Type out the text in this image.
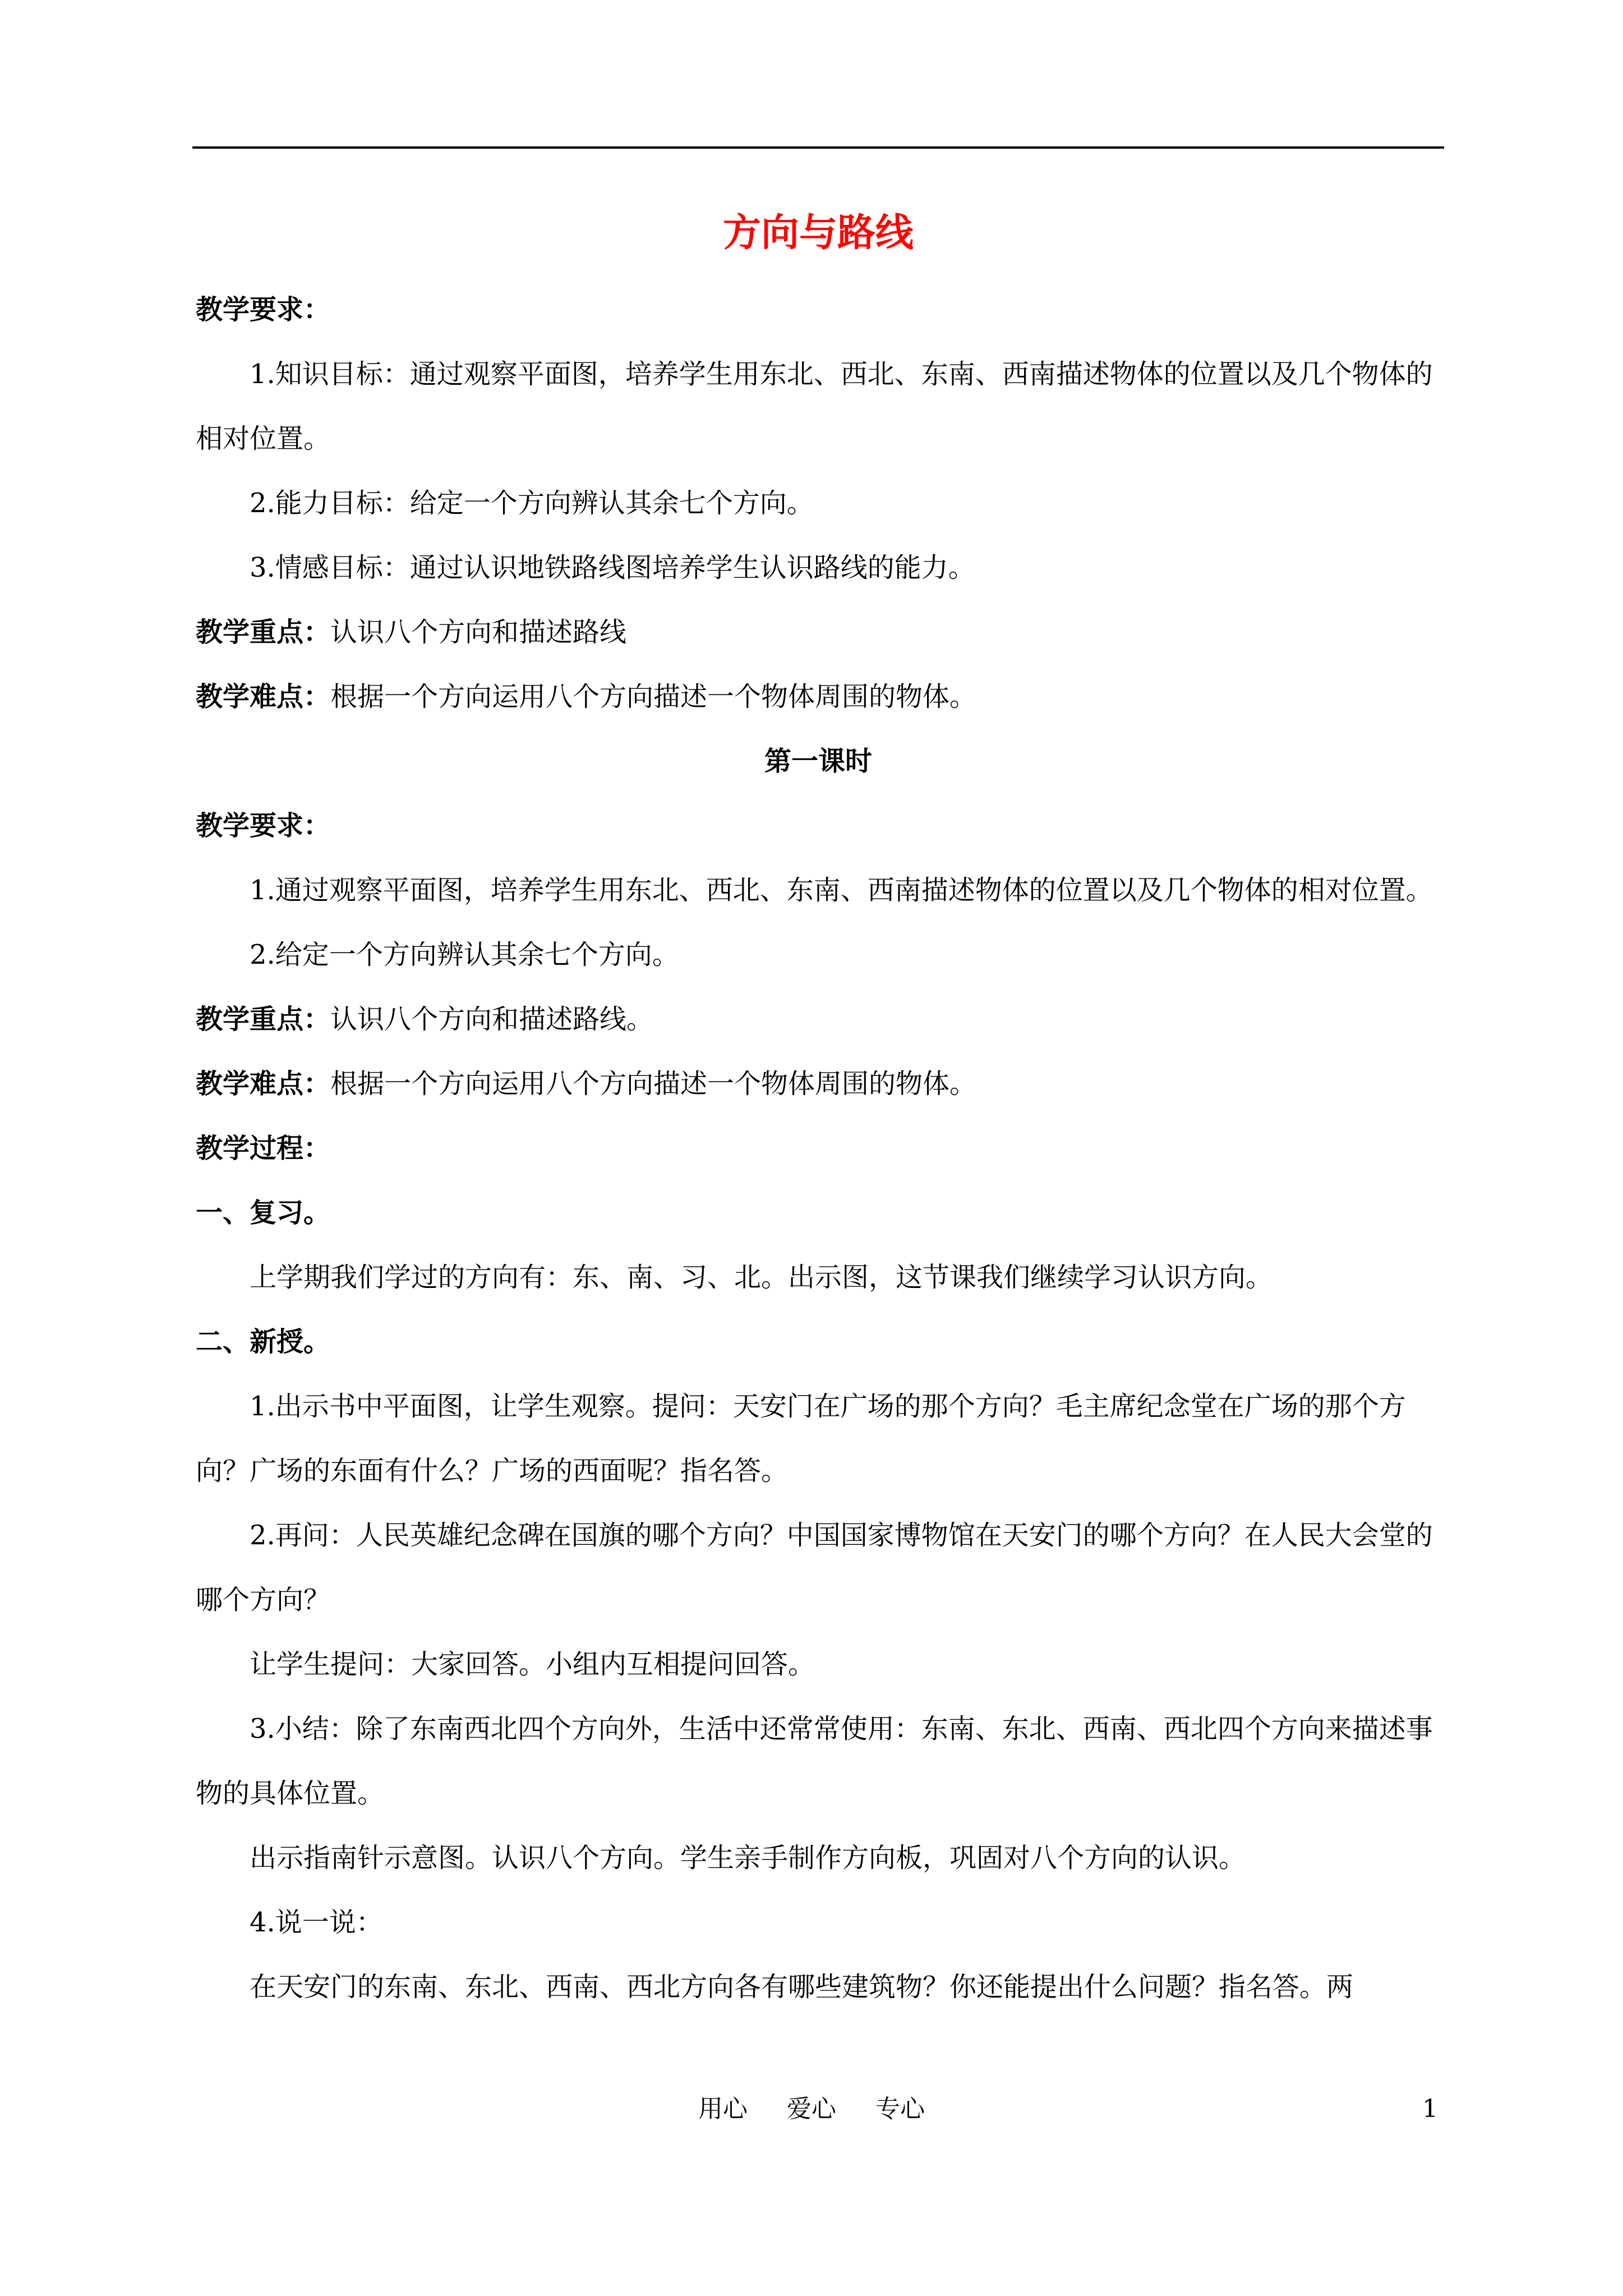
方向与路线

教学要求：

1.知识目标：通过观察平面图，培养学生用东北、西北、东南、西南描述物体的位置以及几个物体的相对位置。

2.能力目标：给定一个方向辨认其余七个方向。

3.情感目标：通过认识地铁路线图培养学生认识路线的能力。

教学重点：认识八个方向和描述路线

教学难点：根据一个方向运用八个方向描述一个物体周围的物体。

第一课时

教学要求：

1.通过观察平面图，培养学生用东北、西北、东南、西南描述物体的位置以及几个物体的相对位置。

2.给定一个方向辨认其余七个方向。

教学重点：认识八个方向和描述路线。

教学难点：根据一个方向运用八个方向描述一个物体周围的物体。

教学过程：

一、复习。

上学期我们学过的方向有：东、南、习、北。出示图，这节课我们继续学习认识方向。

二、新授。

1.出示书中平面图，让学生观察。提问：天安门在广场的那个方向？毛主席纪念堂在广场的那个方向？广场的东面有什么？广场的西面呢？指名答。

2.再问：人民英雄纪念碑在国旗的哪个方向？中国国家博物馆在天安门的哪个方向？在人民大会堂的哪个方向？

让学生提问：大家回答。小组内互相提问回答。

3.小结：除了东南西北四个方向外，生活中还常常使用：东南、东北、西南、西北四个方向来描述事物的具体位置。

出示指南针示意图。认识八个方向。学生亲手制作方向板，巩固对八个方向的认识。

4.说一说：

在天安门的东南、东北、西南、西北方向各有哪些建筑物？你还能提出什么问题？指名答。两

用心 爱心 专心	1
